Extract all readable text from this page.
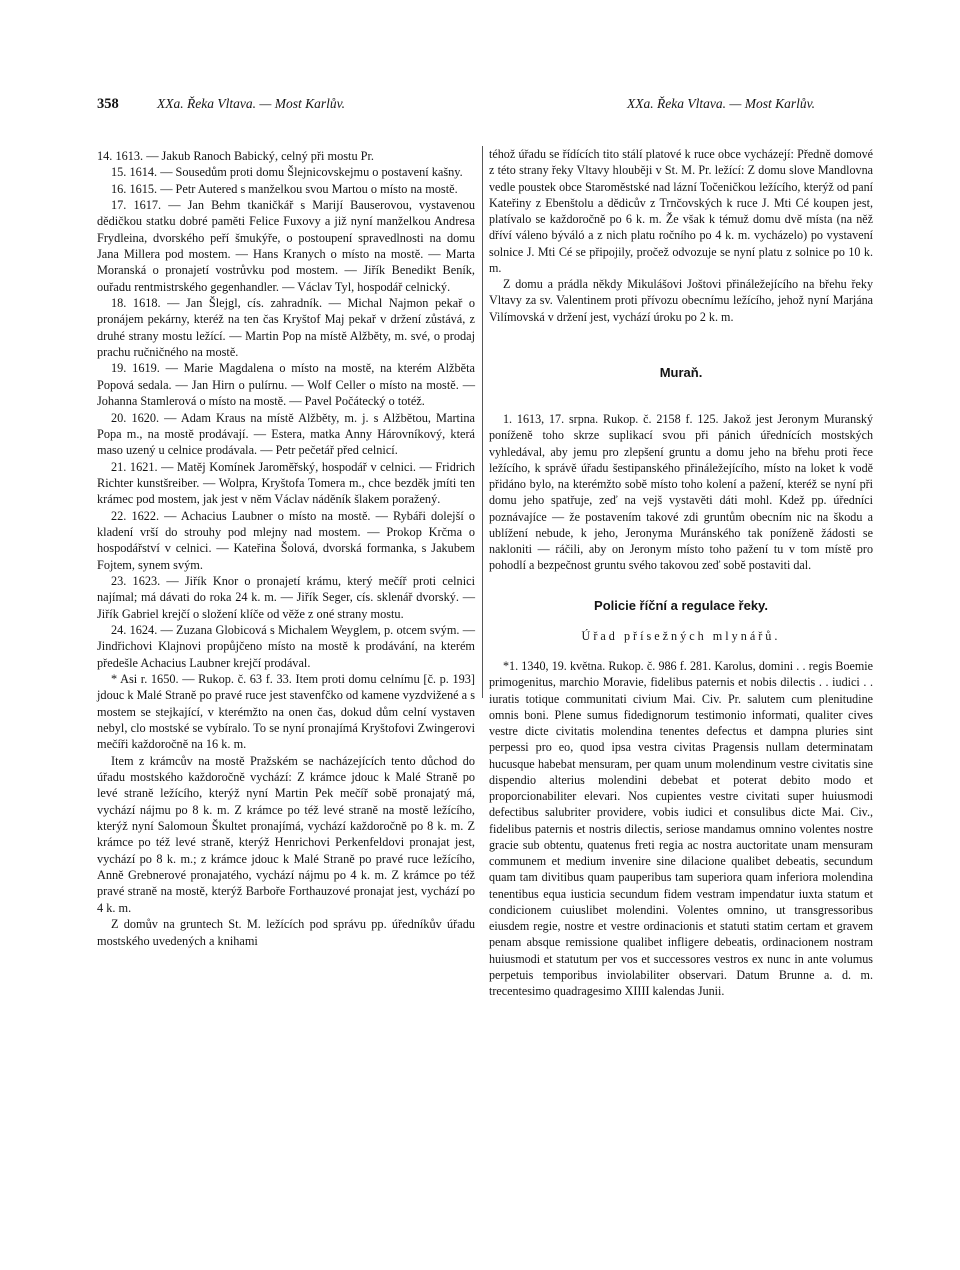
358	XXa. Řeka Vltava. — Most Karlův.	XXa. Řeka Vltava. — Most Karlův.

14. 1613. — Jakub Ranoch Babický, celný při mostu Pr.

15. 1614. — Sousedům proti domu Šlejnicovskejmu o postavení kašny.

16. 1615. — Petr Autered s manželkou svou Martou o místo na mostě.

17. 1617. — Jan Behm tkaničkář s Marijí Bauserovou, vystavenou dědičkou statku dobré paměti Felice Fuxovy a již nyní manželkou Andresa Frydleina, dvorského peří šmukýře, o postoupení spravedlnosti na domu Jana Millera pod mostem. — Hans Kranych o místo na mostě. — Marta Moranská o pronajetí vostrůvku pod mostem. — Jiřík Benedikt Beník, ouřadu rentmistrského gegenhandler. — Václav Tyl, hospodář celnický.

18. 1618. — Jan Šlejgl, cís. zahradník. — Michal Najmon pekař o pronájem pekárny, kteréž na ten čas Kryštof Maj pekař v držení zůstává, z druhé strany mostu ležící. — Martin Pop na místě Alžběty, m. své, o prodaj prachu ručničného na mostě.

19. 1619. — Marie Magdalena o místo na mostě, na kterém Alžběta Popová sedala. — Jan Hirn o pulírnu. — Wolf Celler o místo na mostě. — Johanna Stamlerová o místo na mostě. — Pavel Počátecký o totéž.

20. 1620. — Adam Kraus na místě Alžběty, m. j. s Alžbětou, Martina Popa m., na mostě prodávají. — Estera, matka Anny Hárovníkový, která maso uzený u celnice prodávala. — Petr pečetář před celnicí.

21. 1621. — Matěj Komínek Jaroměřský, hospodář v celnici. — Fridrich Richter kunstšreiber. — Wolpra, Kryštofa Tomera m., chce bezděk jmíti ten krámec pod mostem, jak jest v něm Václav náděník šlakem poražený.

22. 1622. — Achacius Laubner o místo na mostě. — Rybáři dolejší o kladení vrší do strouhy pod mlejny nad mostem. — Prokop Krčma o hospodářství v celnici. — Kateřina Šolová, dvorská formanka, s Jakubem Fojtem, synem svým.

23. 1623. — Jiřík Knor o pronajetí krámu, který mečíř proti celnici najímal; má dávati do roka 24 k. m. — Jiřík Seger, cís. sklenář dvorský. — Jiřík Gabriel krejčí o složení klíče od věže z oné strany mostu.

24. 1624. — Zuzana Globicová s Michalem Weyglem, p. otcem svým. — Jindřichovi Klajnovi propůjčeno místo na mostě k prodávání, na kterém předešle Achacius Laubner krejčí prodával.

* Asi r. 1650. — Rukop. č. 63 f. 33. Item proti domu celnímu [č. p. 193] jdouc k Malé Straně po pravé ruce jest stavenfčko od kamene vyzdvižené a s mostem se stejkající, v kterémžto na onen čas, dokud dům celní vystaven nebyl, clo mostské se vybíralo. To se nyní pronajímá Kryštofovi Zwingerovi mečíři každoročně na 16 k. m.

Item z krámcův na mostě Pražském se nacházejících tento důchod do úřadu mostského každoročně vychází: Z krámce jdouc k Malé Straně po levé straně ležícího, kterýž nyní Martin Pek mečíř sobě pronajatý má, vychází nájmu po 8 k. m. Z krámce po též levé straně na mostě ležícího, kterýž nyní Salomoun Škultet pronajímá, vychází každoročně po 8 k. m. Z krámce po též levé straně, kterýž Henrichovi Perkenfeldovi pronajat jest, vychází po 8 k. m.; z krámce jdouc k Malé Straně po pravé ruce ležícího, Anně Grebnerové pronajatého, vychází nájmu po 4 k. m. Z krámce po též pravé straně na mostě, kterýž Barboře Forthauzové pronajat jest, vychází po 4 k. m.

Z domův na gruntech St. M. ležících pod správu pp. úředníkův úřadu mostského uvedených a knihami

téhož úřadu se řídících tito stálí platové k ruce obce vycházejí: Předně domové z této strany řeky Vltavy hlouběji v St. M. Pr. ležící: Z domu slove Mandlovna vedle poustek obce Staroměstské nad lázní Točeničkou ležícího, kterýž od paní Kateřiny z Ebenštolu a dědicův z Trnčovských k ruce J. Mti Cé koupen jest, platívalo se každoročně po 6 k. m. Že však k témuž domu dvě místa (na něž dříví váleno býváló a z nich platu ročního po 4 k. m. vycházelo) po vystavení solnice J. Mti Cé se připojily, pročež odvozuje se nyní platu z solnice po 10 k. m.

Z domu a prádla někdy Mikulášovi Joštovi přináležejícího na břehu řeky Vltavy za sv. Valentinem proti přívozu obecnímu ležícího, jehož nyní Marjána Vilímovská v držení jest, vychází úroku po 2 k. m.

Muraň.

1. 1613, 17. srpna. Rukop. č. 2158 f. 125. Jakož jest Jeronym Muranský poníženě toho skrze suplikací svou při pánich úřednících mostských vyhledával, aby jemu pro zlepšení gruntu a domu jeho na břehu proti řece ležícího, k správě úřadu šestipanského přináležejícího, místo na loket k vodě přidáno bylo, na kterémžto sobě místo toho kolení a pažení, kteréž se nyní při domu jeho spatřuje, zeď na vejš vystavěti dáti mohl. Kdež pp. úředníci poznávajíce — že postavením takové zdi gruntům obecním nic na škodu a ublížení nebude, k jeho, Jeronyma Muránského tak poníženě žádosti se nakloniti — ráčili, aby on Jeronym místo toho pažení tu v tom místě pro pohodlí a bezpečnost gruntu svého takovou zeď sobě postaviti dal.

Policie říční a regulace řeky.
Úřad přísežných mlynářů.

*1. 1340, 19. května. Rukop. č. 986 f. 281. Karolus, domini . . regis Boemie primogenitus, marchio Moravie, fidelibus paternis et nobis dilectis . . iudici . . iuratis totique communitati civium Mai. Civ. Pr. salutem cum plenitudine omnis boni. Plene sumus fidedignorum testimonio informati, qualiter cives vestre dicte civitatis molendina tenentes defectus et dampna pluries sint perpessi pro eo, quod ipsa vestra civitas Pragensis nullam determinatam hucusque habebat mensuram, per quam unum molendinum vestre civitatis sine dispendio alterius molendini debebat et poterat debito modo et proporcionabiliter elevari. Nos cupientes vestre civitati super huiusmodi defectibus salubriter providere, vobis iudici et consulibus dicte Mai. Civ., fidelibus paternis et nostris dilectis, seriose mandamus omnino volentes nostre gracie sub obtentu, quatenus freti regia ac nostra auctoritate unam mensuram communem et medium invenire sine dilacione qualibet debeatis, secundum quam tam divitibus quam pauperibus tam superiora quam inferiora molendina tenentibus equa iusticia secundum fidem vestram impendatur iuxta statum et condicionem cuiuslibet molendini. Volentes omnino, ut transgressoribus eiusdem regie, nostre et vestre ordinacionis et statuti statim certam et gravem penam absque remissione qualibet infligere debeatis, ordinacionem nostram huiusmodi et statutum per vos et successores vestros ex nunc in ante volumus perpetuis temporibus inviolabiliter observari. Datum Brunne a. d. m. trecentesimo quadragesimo XIIII kalendas Junii.
